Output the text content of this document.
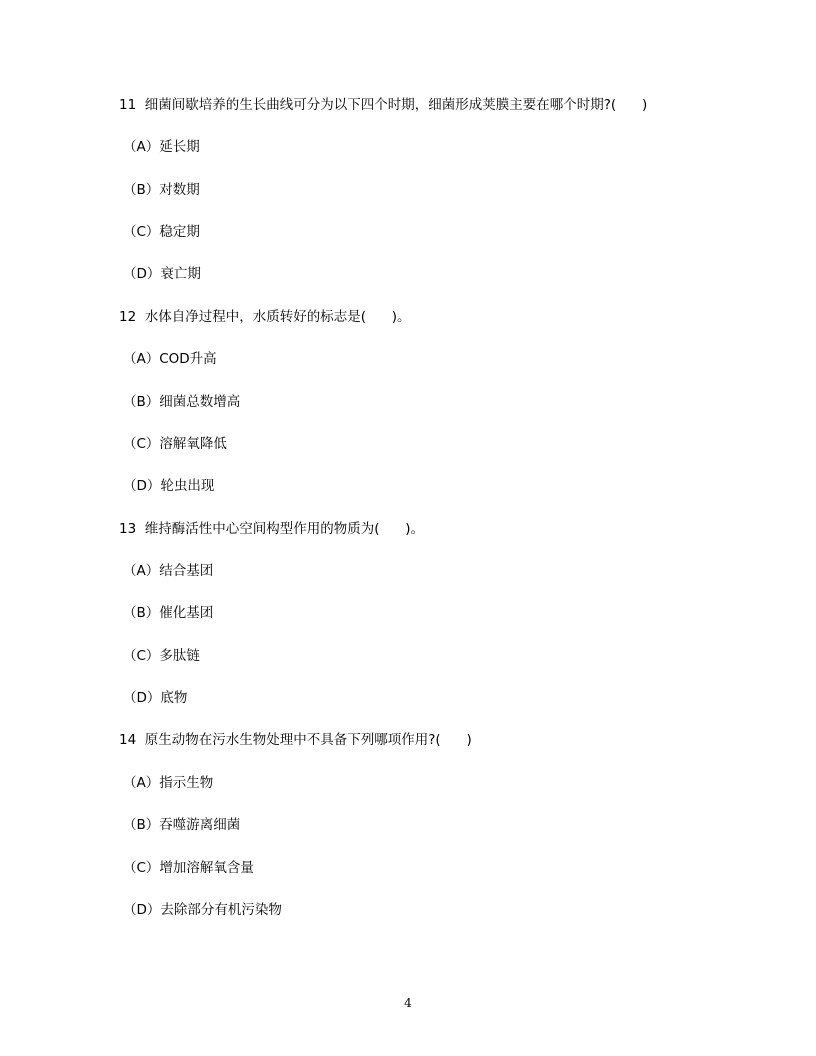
11  细菌间歇培养的生长曲线可分为以下四个时期，细菌形成荚膜主要在哪个时期?(      )
（A）延长期
（B）对数期
（C）稳定期
（D）衰亡期
12  水体自净过程中，水质转好的标志是(      )。
（A）COD升高
（B）细菌总数增高
（C）溶解氧降低
（D）轮虫出现
13  维持酶活性中心空间构型作用的物质为(      )。
（A）结合基团
（B）催化基团
（C）多肽链
（D）底物
14  原生动物在污水生物处理中不具备下列哪项作用?(      )
（A）指示生物
（B）吞噬游离细菌
（C）增加溶解氧含量
（D）去除部分有机污染物
4
